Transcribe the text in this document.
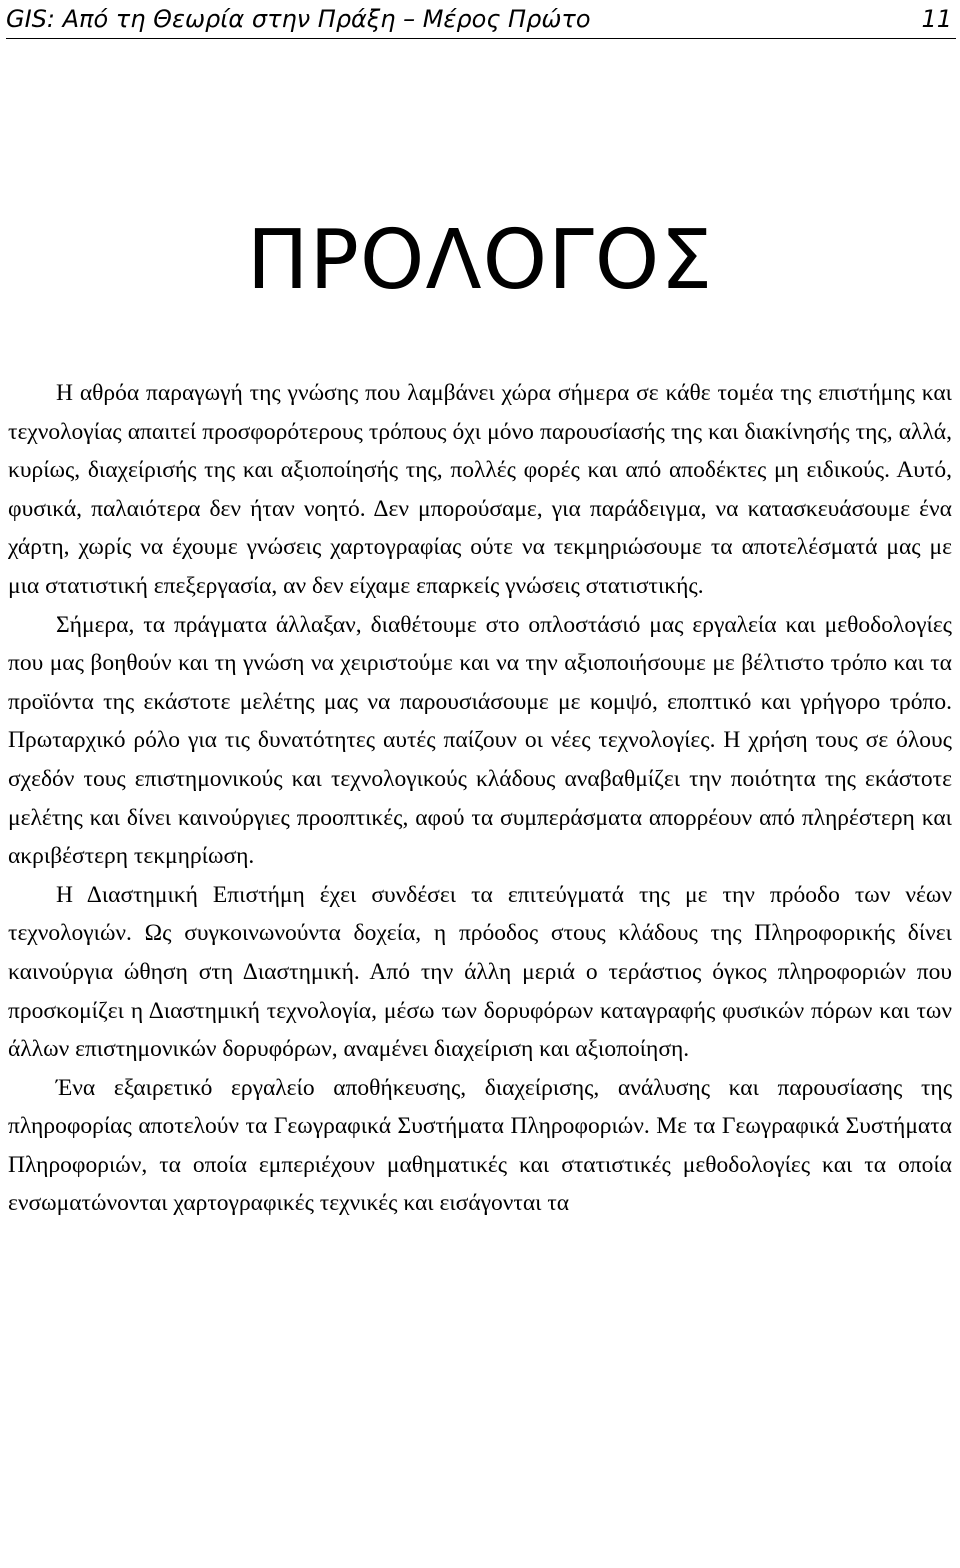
GIS: Από τη Θεωρία στην Πράξη – Μέρος Πρώτο	11
ΠΡΟΛΟΓΟΣ

Η αθρόα παραγωγή της γνώσης που λαμβάνει χώρα σήμερα σε κάθε τομέα της επιστήμης και τεχνολογίας απαιτεί προσφορότερους τρόπους όχι μόνο παρουσίασής της και διακίνησής της, αλλά, κυρίως, διαχείρισής της και αξιοποίησής της, πολλές φορές και από αποδέκτες μη ειδικούς. Αυτό, φυσικά, παλαιότερα δεν ήταν νοητό. Δεν μπορούσαμε, για παράδειγμα, να κατασκευάσουμε ένα χάρτη, χωρίς να έχουμε γνώσεις χαρτογραφίας ούτε να τεκμηριώσουμε τα αποτελέσματά μας με μια στατιστική επεξεργασία, αν δεν είχαμε επαρκείς γνώσεις στατιστικής.

Σήμερα, τα πράγματα άλλαξαν, διαθέτουμε στο οπλοστάσιό μας εργαλεία και μεθοδολογίες που μας βοηθούν και τη γνώση να χειριστούμε και να την αξιοποιήσουμε με βέλτιστο τρόπο και τα προϊόντα της εκάστοτε μελέτης μας να παρουσιάσουμε με κομψό, εποπτικό και γρήγορο τρόπο. Πρωταρχικό ρόλο για τις δυνατότητες αυτές παίζουν οι νέες τεχνολογίες. Η χρήση τους σε όλους σχεδόν τους επιστημονικούς και τεχνολογικούς κλάδους αναβαθμίζει την ποιότητα της εκάστοτε μελέτης και δίνει καινούργιες προοπτικές, αφού τα συμπεράσματα απορρέουν από πληρέστερη και ακριβέστερη τεκμηρίωση.

Η Διαστημική Επιστήμη έχει συνδέσει τα επιτεύγματά της με την πρόοδο των νέων τεχνολογιών. Ως συγκοινωνούντα δοχεία, η πρόοδος στους κλάδους της Πληροφορικής δίνει καινούργια ώθηση στη Διαστημική. Από την άλλη μεριά ο τεράστιος όγκος πληροφοριών που προσκομίζει η Διαστημική τεχνολογία, μέσω των δορυφόρων καταγραφής φυσικών πόρων και των άλλων επιστημονικών δορυφόρων, αναμένει διαχείριση και αξιοποίηση.

Ένα εξαιρετικό εργαλείο αποθήκευσης, διαχείρισης, ανάλυσης και παρουσίασης της πληροφορίας αποτελούν τα Γεωγραφικά Συστήματα Πληροφοριών. Με τα Γεωγραφικά Συστήματα Πληροφοριών, τα οποία εμπεριέχουν μαθηματικές και στατιστικές μεθοδολογίες και τα οποία ενσωματώνονται χαρτογραφικές τεχνικές και εισάγονται τα
